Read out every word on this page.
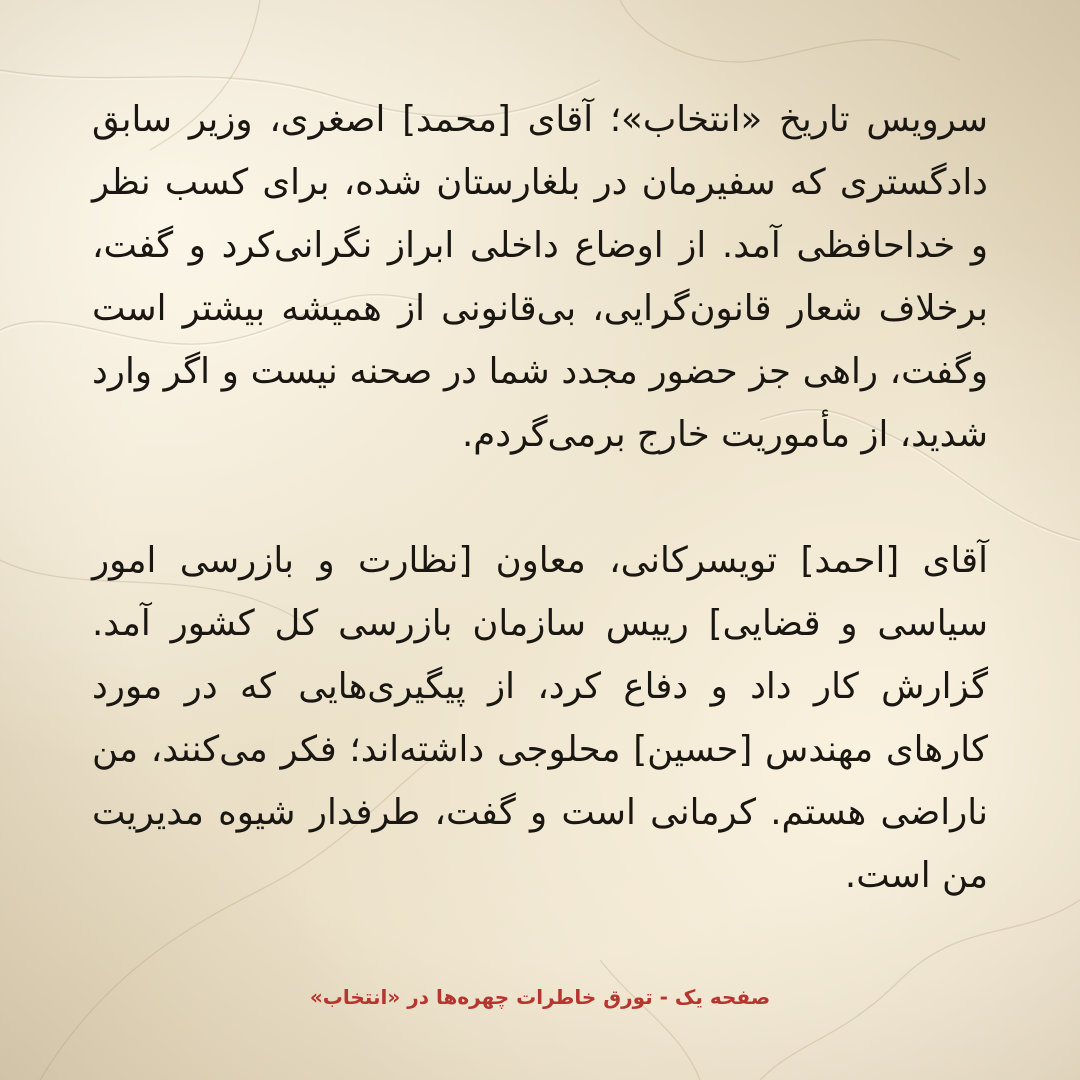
سرویس تاریخ «انتخاب»؛ آقای [محمد] اصغری، وزیر سابق دادگستری که سفیرمان در بلغارستان شده، برای کسب نظر و خداحافظی آمد. از اوضاع داخلی ابراز نگرانی‌کرد و گفت، برخلاف شعار قانون‌گرایی، بی‌قانونی از همیشه بیشتر است وگفت، راهی جز حضور مجدد شما در صحنه نیست و اگر وارد شدید، از مأموریت خارج برمی‌گردم.

آقای [احمد] تویسرکانی، معاون [نظارت و بازرسی امور سیاسی و قضایی] رییس سازمان بازرسی کل کشور آمد. گزارش کار داد و دفاع کرد، از پیگیری‌هایی که در مورد کارهای مهندس [حسین] محلوجی داشته‌اند؛ فکر می‌کنند، من ناراضی هستم. کرمانی است و گفت، طرفدار شیوه مدیریت من است.

صفحه یک - تورق خاطرات چهره‌ها در «انتخاب»
